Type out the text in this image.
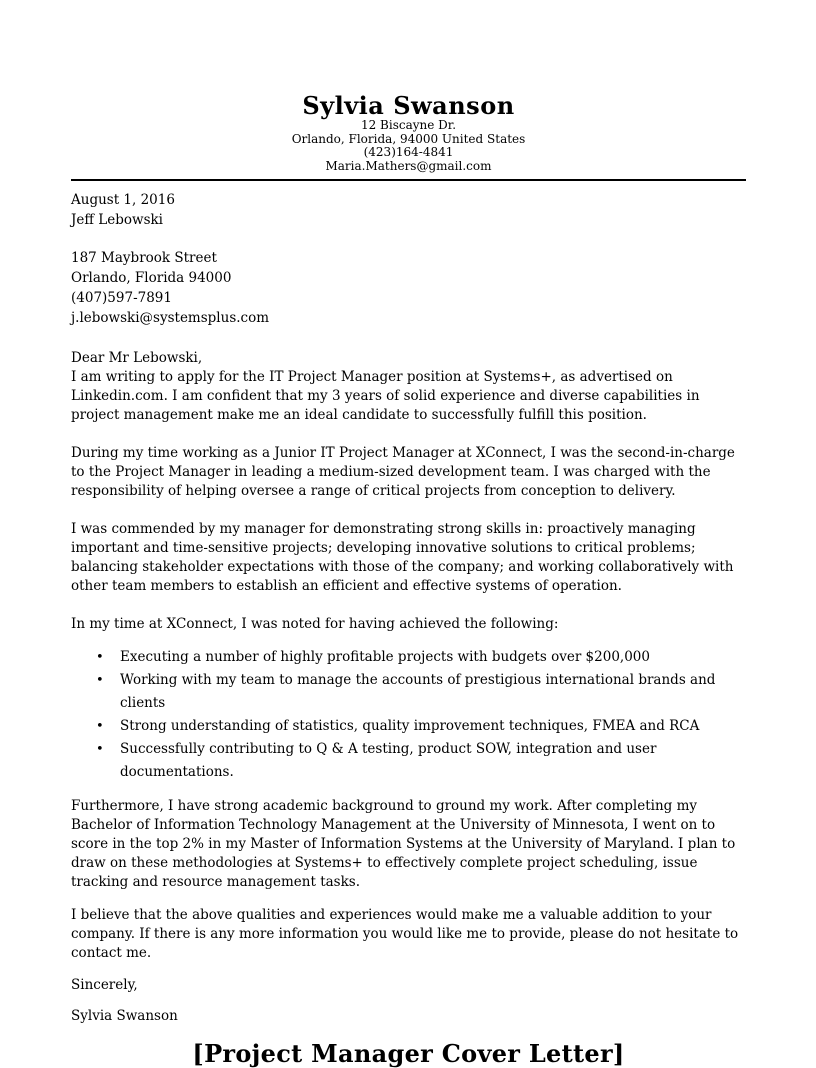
Sylvia Swanson
12 Biscayne Dr.
Orlando, Florida, 94000 United States
(423)164-4841
Maria.Mathers@gmail.com
August 1, 2016
Jeff Lebowski
187 Maybrook Street
Orlando, Florida 94000
(407)597-7891
j.lebowski@systemsplus.com
Dear Mr Lebowski,

I am writing to apply for the IT Project Manager position at Systems+, as advertised on Linkedin.com. I am confident that my 3 years of solid experience and diverse capabilities in project management make me an ideal candidate to successfully fulfill this position.

During my time working as a Junior IT Project Manager at XConnect, I was the second-in-charge to the Project Manager in leading a medium-sized development team. I was charged with the responsibility of helping oversee a range of critical projects from conception to delivery.

I was commended by my manager for demonstrating strong skills in: proactively managing important and time-sensitive projects; developing innovative solutions to critical problems; balancing stakeholder expectations with those of the company; and working collaboratively with other team members to establish an efficient and effective systems of operation.

In my time at XConnect, I was noted for having achieved the following:

• Executing a number of highly profitable projects with budgets over $200,000
• Working with my team to manage the accounts of prestigious international brands and clients
• Strong understanding of statistics, quality improvement techniques, FMEA and RCA
• Successfully contributing to Q & A testing, product SOW, integration and user documentations.

Furthermore, I have strong academic background to ground my work. After completing my Bachelor of Information Technology Management at the University of Minnesota, I went on to score in the top 2% in my Master of Information Systems at the University of Maryland. I plan to draw on these methodologies at Systems+ to effectively complete project scheduling, issue tracking and resource management tasks.

I believe that the above qualities and experiences would make me a valuable addition to your company. If there is any more information you would like me to provide, please do not hesitate to contact me.

Sincerely,
Sylvia Swanson
[Project Manager Cover Letter]
